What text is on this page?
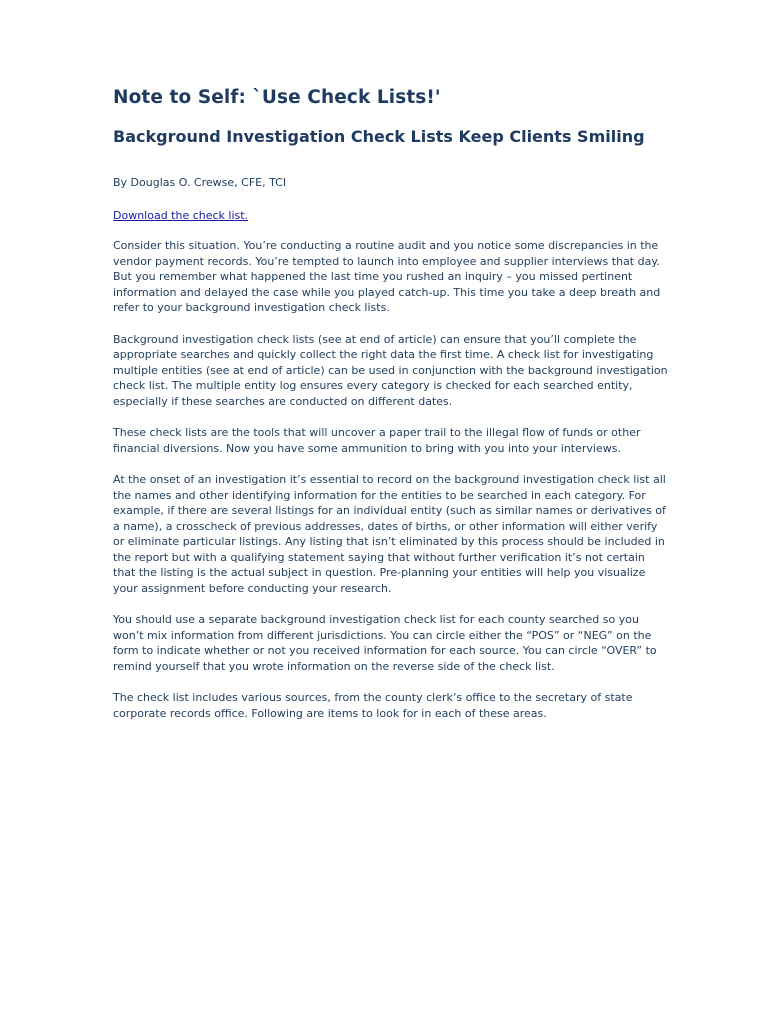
Note to Self: `Use Check Lists!'
Background Investigation Check Lists Keep Clients Smiling

By Douglas O. Crewse, CFE, TCI

Download the check list.

Consider this situation. You’re conducting a routine audit and you notice some discrepancies in the vendor payment records. You’re tempted to launch into employee and supplier interviews that day. But you remember what happened the last time you rushed an inquiry – you missed pertinent information and delayed the case while you played catch-up. This time you take a deep breath and refer to your background investigation check lists.

Background investigation check lists (see at end of article) can ensure that you’ll complete the appropriate searches and quickly collect the right data the first time. A check list for investigating multiple entities (see at end of article) can be used in conjunction with the background investigation check list. The multiple entity log ensures every category is checked for each searched entity, especially if these searches are conducted on different dates.

These check lists are the tools that will uncover a paper trail to the illegal flow of funds or other financial diversions. Now you have some ammunition to bring with you into your interviews.

At the onset of an investigation it’s essential to record on the background investigation check list all the names and other identifying information for the entities to be searched in each category. For example, if there are several listings for an individual entity (such as similar names or derivatives of a name), a crosscheck of previous addresses, dates of births, or other information will either verify or eliminate particular listings. Any listing that isn’t eliminated by this process should be included in the report but with a qualifying statement saying that without further verification it’s not certain that the listing is the actual subject in question. Pre-planning your entities will help you visualize your assignment before conducting your research.

You should use a separate background investigation check list for each county searched so you won’t mix information from different jurisdictions. You can circle either the “POS” or “NEG” on the form to indicate whether or not you received information for each source. You can circle “OVER” to remind yourself that you wrote information on the reverse side of the check list.

The check list includes various sources, from the county clerk’s office to the secretary of state corporate records office. Following are items to look for in each of these areas.
